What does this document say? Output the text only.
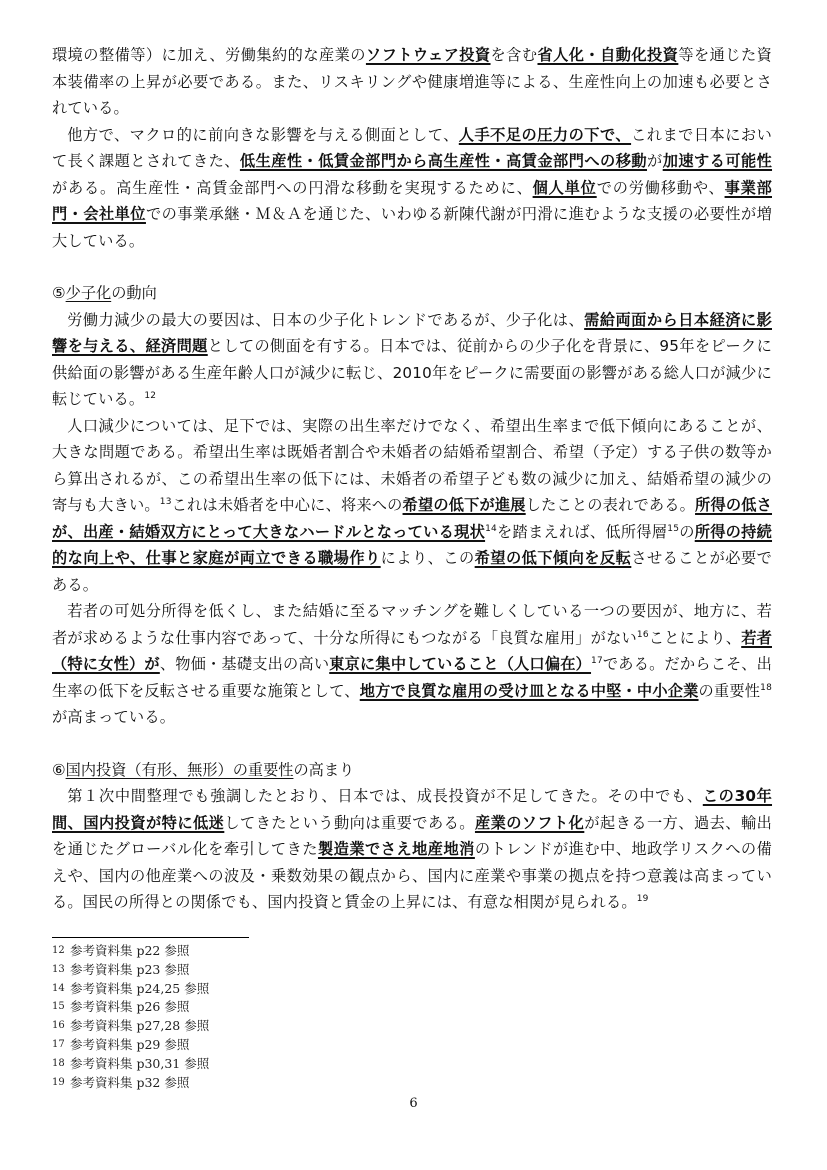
環境の整備等）に加え、労働集約的な産業のソフトウェア投資を含む省人化・自動化投資等を通じた資本装備率の上昇が必要である。また、リスキリングや健康増進等による、生産性向上の加速も必要とされている。

他方で、マクロ的に前向きな影響を与える側面として、人手不足の圧力の下で、これまで日本において長く課題とされてきた、低生産性・低賃金部門から高生産性・高賃金部門への移動が加速する可能性がある。高生産性・高賃金部門への円滑な移動を実現するために、個人単位での労働移動や、事業部門・会社単位での事業承継・Ｍ＆Ａを通じた、いわゆる新陳代謝が円滑に進むような支援の必要性が増大している。

⑤少子化の動向

労働力減少の最大の要因は、日本の少子化トレンドであるが、少子化は、需給両面から日本経済に影響を与える、経済問題としての側面を有する。日本では、従前からの少子化を背景に、95年をピークに供給面の影響がある生産年齢人口が減少に転じ、2010年をピークに需要面の影響がある総人口が減少に転じている。$^{12}$

人口減少については、足下では、実際の出生率だけでなく、希望出生率まで低下傾向にあることが、大きな問題である。希望出生率は既婚者割合や未婚者の結婚希望割合、希望（予定）する子供の数等から算出されるが、この希望出生率の低下には、未婚者の希望子ども数の減少に加え、結婚希望の減少の寄与も大きい。$^{13}$これは未婚者を中心に、将来への希望の低下が進展したことの表れである。所得の低さが、出産・結婚双方にとって大きなハードルとなっている現状$^{14}$を踏まえれば、低所得層$^{15}$の所得の持続的な向上や、仕事と家庭が両立できる職場作りにより、この希望の低下傾向を反転させることが必要である。

若者の可処分所得を低くし、また結婚に至るマッチングを難しくしている一つの要因が、地方に、若者が求めるような仕事内容であって、十分な所得にもつながる「良質な雇用」がない$^{16}$ことにより、若者（特に女性）が、物価・基礎支出の高い東京に集中していること（人口偏在）$^{17}$である。だからこそ、出生率の低下を反転させる重要な施策として、地方で良質な雇用の受け皿となる中堅・中小企業の重要性$^{18}$が高まっている。

⑥国内投資（有形、無形）の重要性の高まり

第１次中間整理でも強調したとおり、日本では、成長投資が不足してきた。その中でも、この30年間、国内投資が特に低迷してきたという動向は重要である。産業のソフト化が起きる一方、過去、輸出を通じたグローバル化を牽引してきた製造業でさえ地産地消のトレンドが進む中、地政学リスクへの備えや、国内の他産業への波及・乗数効果の観点から、国内に産業や事業の拠点を持つ意義は高まっている。国民の所得との関係でも、国内投資と賃金の上昇には、有意な相関が見られる。$^{19}$

12 参考資料集 p22 参照
13 参考資料集 p23 参照
14 参考資料集 p24,25 参照
15 参考資料集 p26 参照
16 参考資料集 p27,28 参照
17 参考資料集 p29 参照
18 参考資料集 p30,31 参照
19 参考資料集 p32 参照
6
